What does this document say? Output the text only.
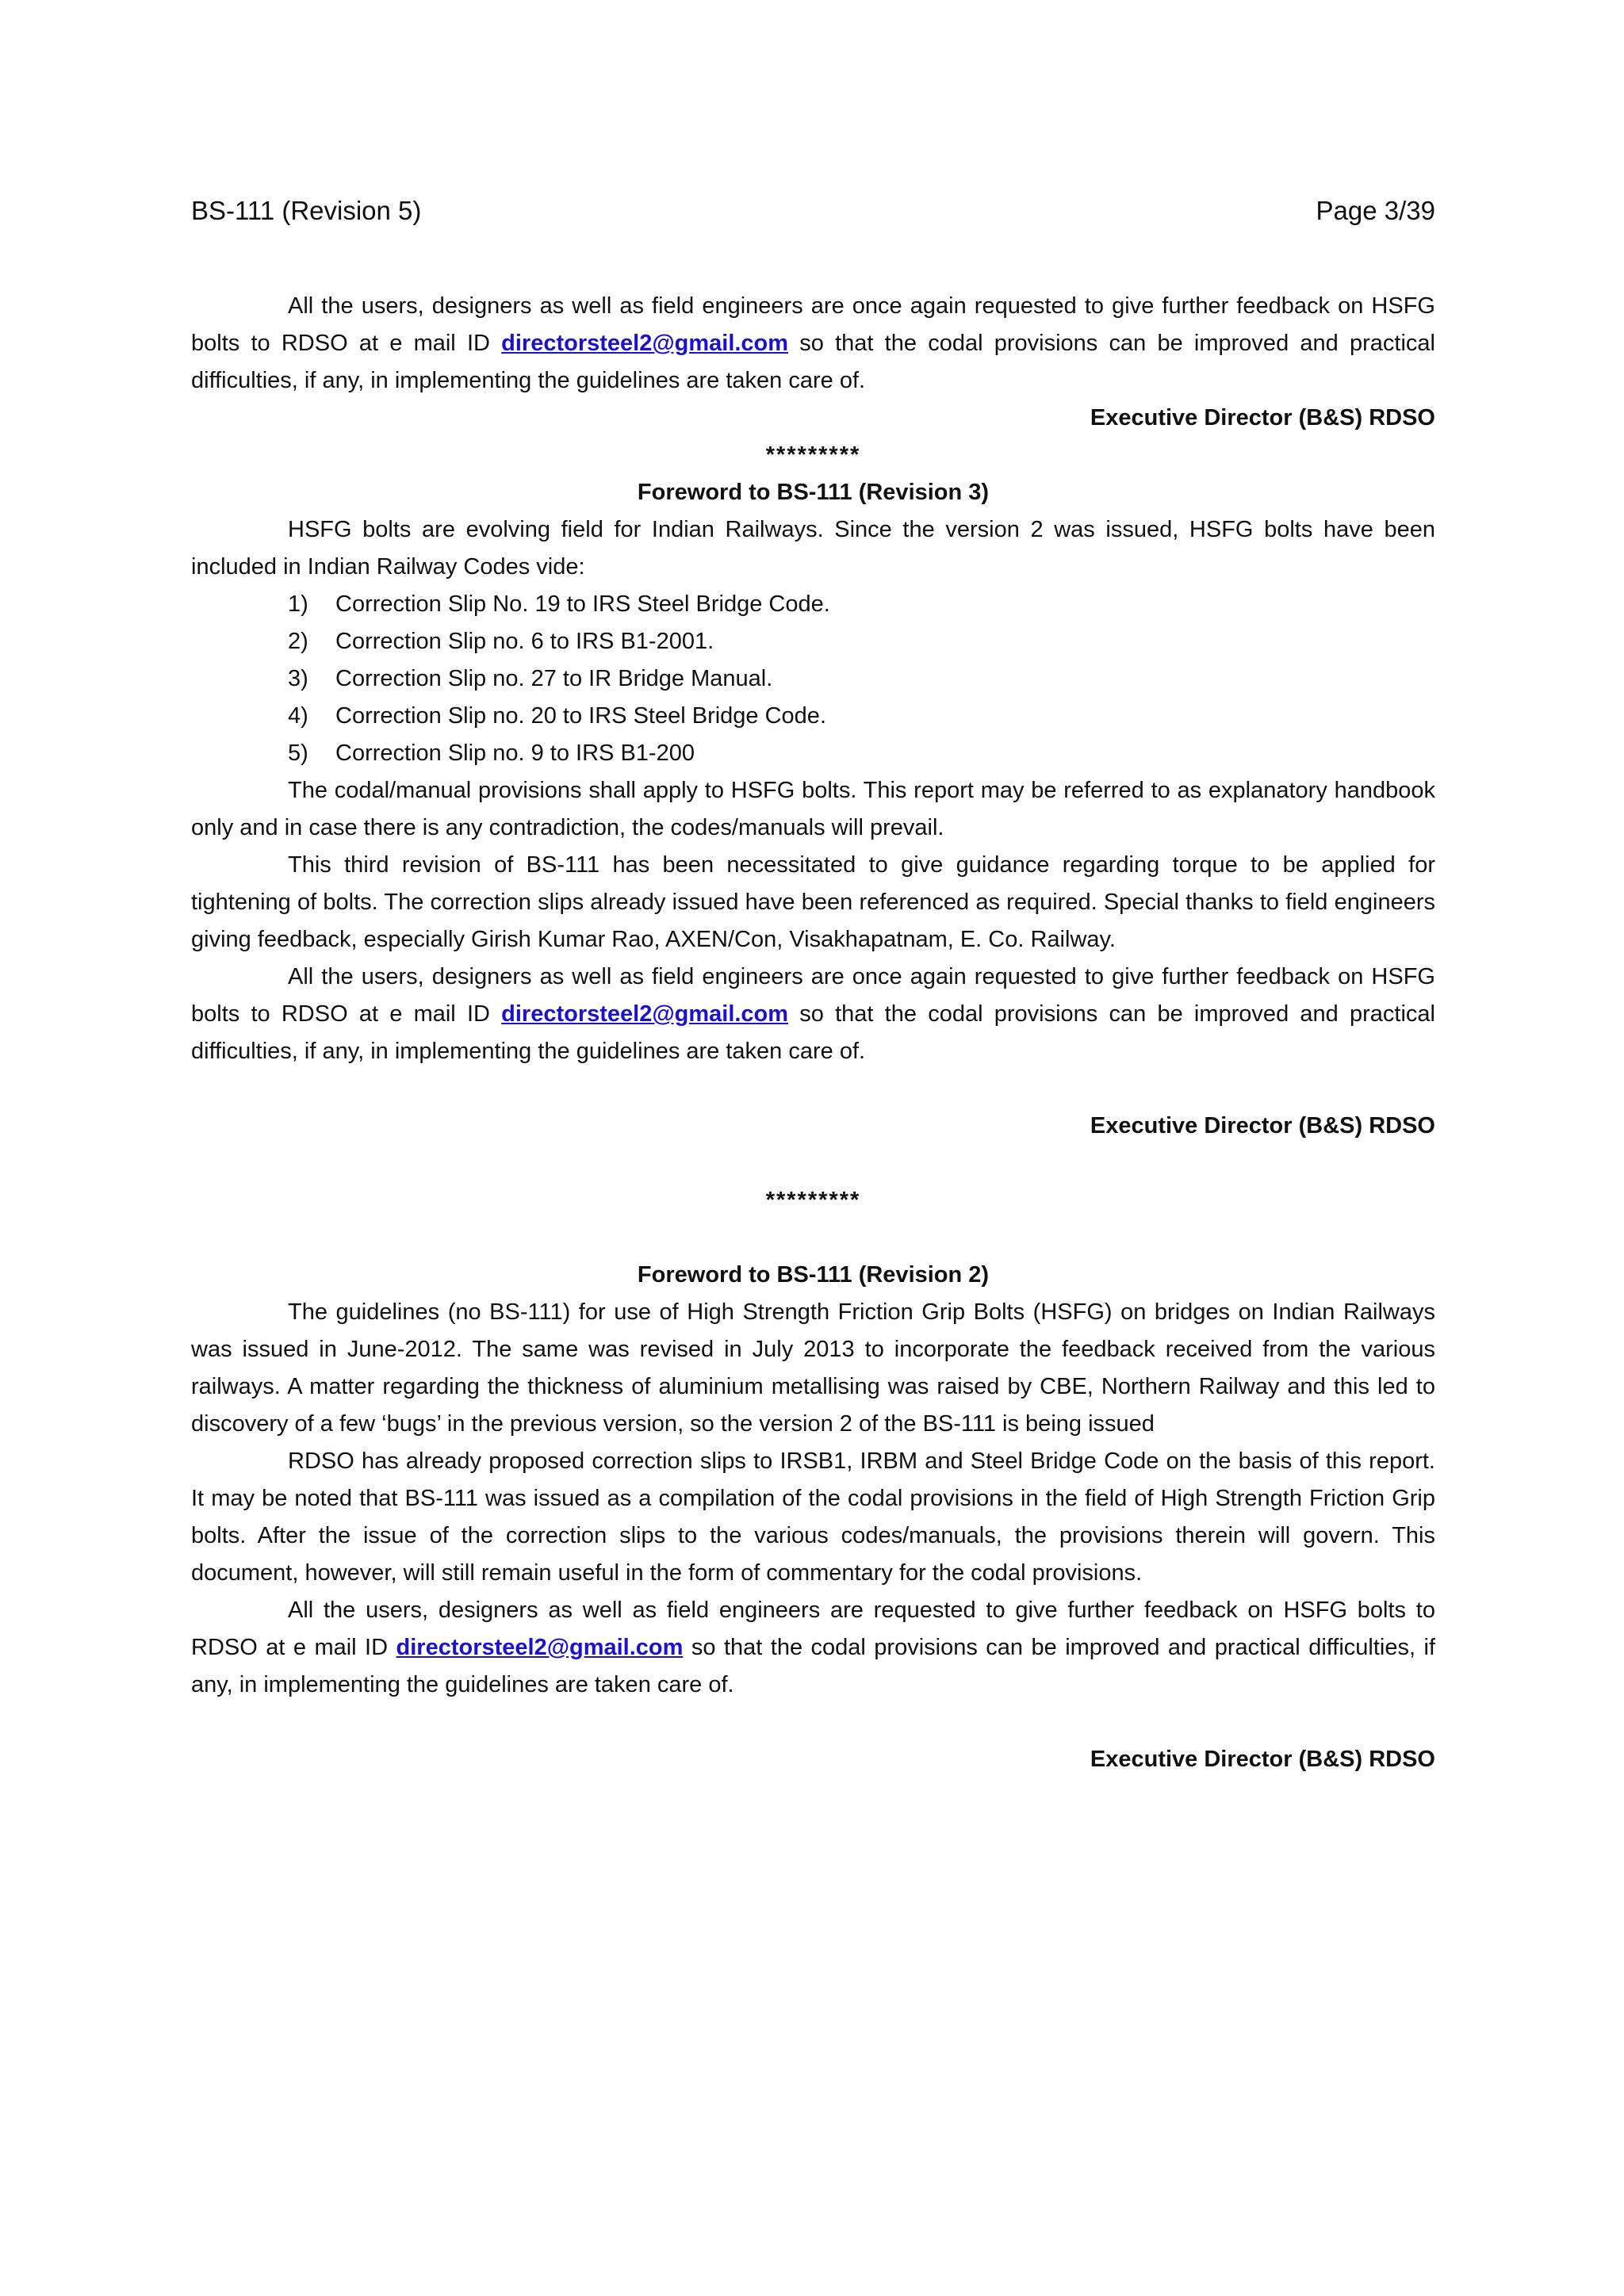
BS-111 (Revision 5)	Page 3/39

All the users, designers as well as field engineers are once again requested to give further feedback on HSFG bolts to RDSO at e mail ID directorsteel2@gmail.com so that the codal provisions can be improved and practical difficulties, if any, in implementing the guidelines are taken care of.

Executive Director (B&S) RDSO
*********
Foreword to BS-111 (Revision 3)

HSFG bolts are evolving field for Indian Railways. Since the version 2 was issued, HSFG bolts have been included in Indian Railway Codes vide:

1)	Correction Slip No. 19 to IRS Steel Bridge Code.
2)	Correction Slip no. 6 to IRS B1-2001.
3)	Correction Slip no. 27 to IR Bridge Manual.
4)	Correction Slip no. 20 to IRS Steel Bridge Code.
5)	Correction Slip no. 9 to IRS B1-200

The codal/manual provisions shall apply to HSFG bolts. This report may be referred to as explanatory handbook only and in case there is any contradiction, the codes/manuals will prevail.

This third revision of BS-111 has been necessitated to give guidance regarding torque to be applied for tightening of bolts. The correction slips already issued have been referenced as required. Special thanks to field engineers giving feedback, especially Girish Kumar Rao, AXEN/Con, Visakhapatnam, E. Co. Railway.

All the users, designers as well as field engineers are once again requested to give further feedback on HSFG bolts to RDSO at e mail ID directorsteel2@gmail.com so that the codal provisions can be improved and practical difficulties, if any, in implementing the guidelines are taken care of.

Executive Director (B&S) RDSO
*********
Foreword to BS-111 (Revision 2)

The guidelines (no BS-111) for use of High Strength Friction Grip Bolts (HSFG) on bridges on Indian Railways was issued in June-2012. The same was revised in July 2013 to incorporate the feedback received from the various railways. A matter regarding the thickness of aluminium metallising was raised by CBE, Northern Railway and this led to discovery of a few ‘bugs’ in the previous version, so the version 2 of the BS-111 is being issued

RDSO has already proposed correction slips to IRSB1, IRBM and Steel Bridge Code on the basis of this report. It may be noted that BS-111 was issued as a compilation of the codal provisions in the field of High Strength Friction Grip bolts. After the issue of the correction slips to the various codes/manuals, the provisions therein will govern. This document, however, will still remain useful in the form of commentary for the codal provisions.

All the users, designers as well as field engineers are requested to give further feedback on HSFG bolts to RDSO at e mail ID directorsteel2@gmail.com so that the codal provisions can be improved and practical difficulties, if any, in implementing the guidelines are taken care of.

Executive Director (B&S) RDSO
